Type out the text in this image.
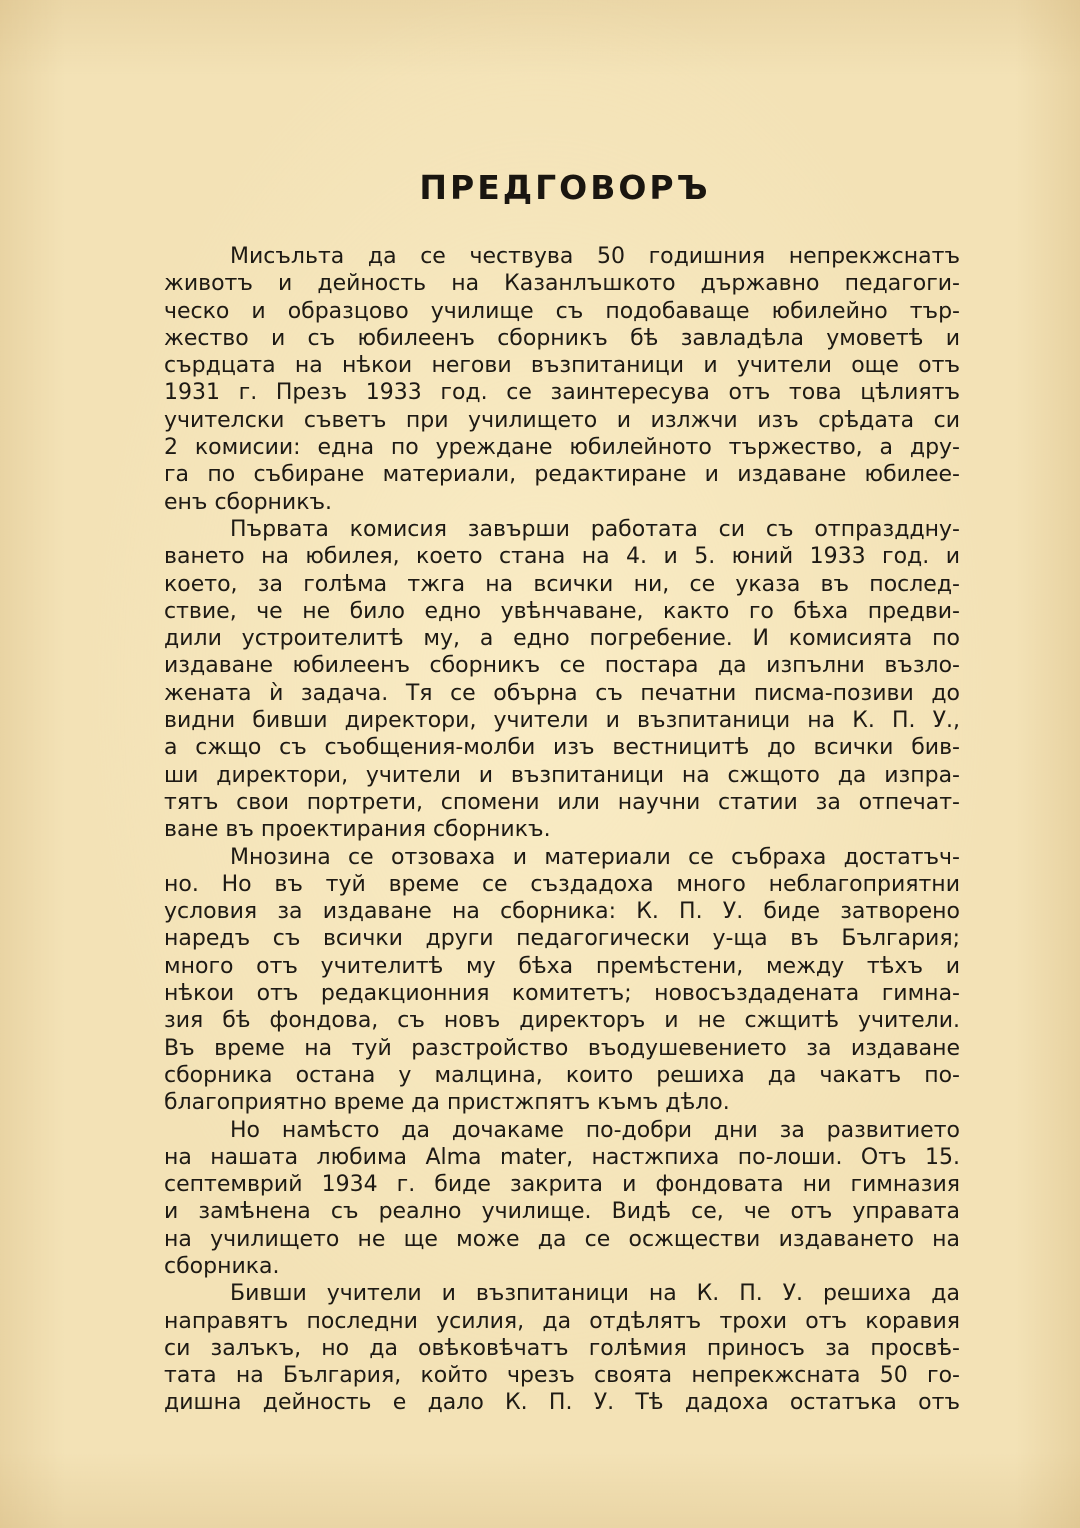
ПРЕДГОВОРЪ
Мисъльта да се чествува 50 годишния непрекжснатъ
животъ и дейность на Казанлъшкото държавно педагоги-
ческо и образцово училище съ подобаваще юбилейно тър-
жество и съ юбилеенъ сборникъ бѣ завладѣла умоветѣ и
сърдцата на нѣкои негови възпитаници и учители още отъ
1931 г. Презъ 1933 год. се заинтересува отъ това цѣлиятъ
учителски съветъ при училището и излжчи изъ срѣдата си
2 комисии: една по уреждане юбилейното тържество, а дру-
га по събиране материали, редактиране и издаване юбилее-
енъ сборникъ.
Първата комисия завърши работата си съ отпразддну-
ването на юбилея, което стана на 4. и 5. юний 1933 год. и
което, за голѣма тжга на всички ни, се указа въ послед-
ствие, че не било едно увѣнчаване, както го бѣха предви-
дили устроителитѣ му, а едно погребение. И комисията по
издаване юбилеенъ сборникъ се постара да изпълни възло-
жената ѝ задача. Тя се обърна съ печатни писма-позиви до
видни бивши директори, учители и възпитаници на К. П. У.,
а сжщо съ съобщения-молби изъ вестницитѣ до всички бив-
ши директори, учители и възпитаници на сжщото да изпра-
тятъ свои портрети, спомени или научни статии за отпечат-
ване въ проектирания сборникъ.
Мнозина се отзоваха и материали се събраха достатъч-
но. Но въ туй време се създадоха много неблагоприятни
условия за издаване на сборника: К. П. У. биде затворено
наредъ съ всички други педагогически у-ща въ България;
много отъ учителитѣ му бѣха премѣстени, между тѣхъ и
нѣкои отъ редакционния комитетъ; новосъздадената гимна-
зия бѣ фондова, съ новъ директоръ и не сжщитѣ учители.
Въ време на туй разстройство въодушевението за издаване
сборника остана у малцина, които решиха да чакатъ по-
благоприятно време да пристжпятъ къмъ дѣло.
Но намѣсто да дочакаме по-добри дни за развитието
на нашата любима Alma mater, настжпиха по-лоши. Отъ 15.
септемврий 1934 г. биде закрита и фондовата ни гимназия
и замѣнена съ реално училище. Видѣ се, че отъ управата
на училището не ще може да се осжществи издаването на
сборника.
Бивши учители и възпитаници на К. П. У. решиха да
направятъ последни усилия, да отдѣлятъ трохи отъ коравия
си залъкъ, но да овѣковѣчатъ голѣмия приносъ за просвѣ-
тата на България, който чрезъ своята непрекжсната 50 го-
дишна дейность е дало К. П. У. Тѣ дадоха остатъка отъ
